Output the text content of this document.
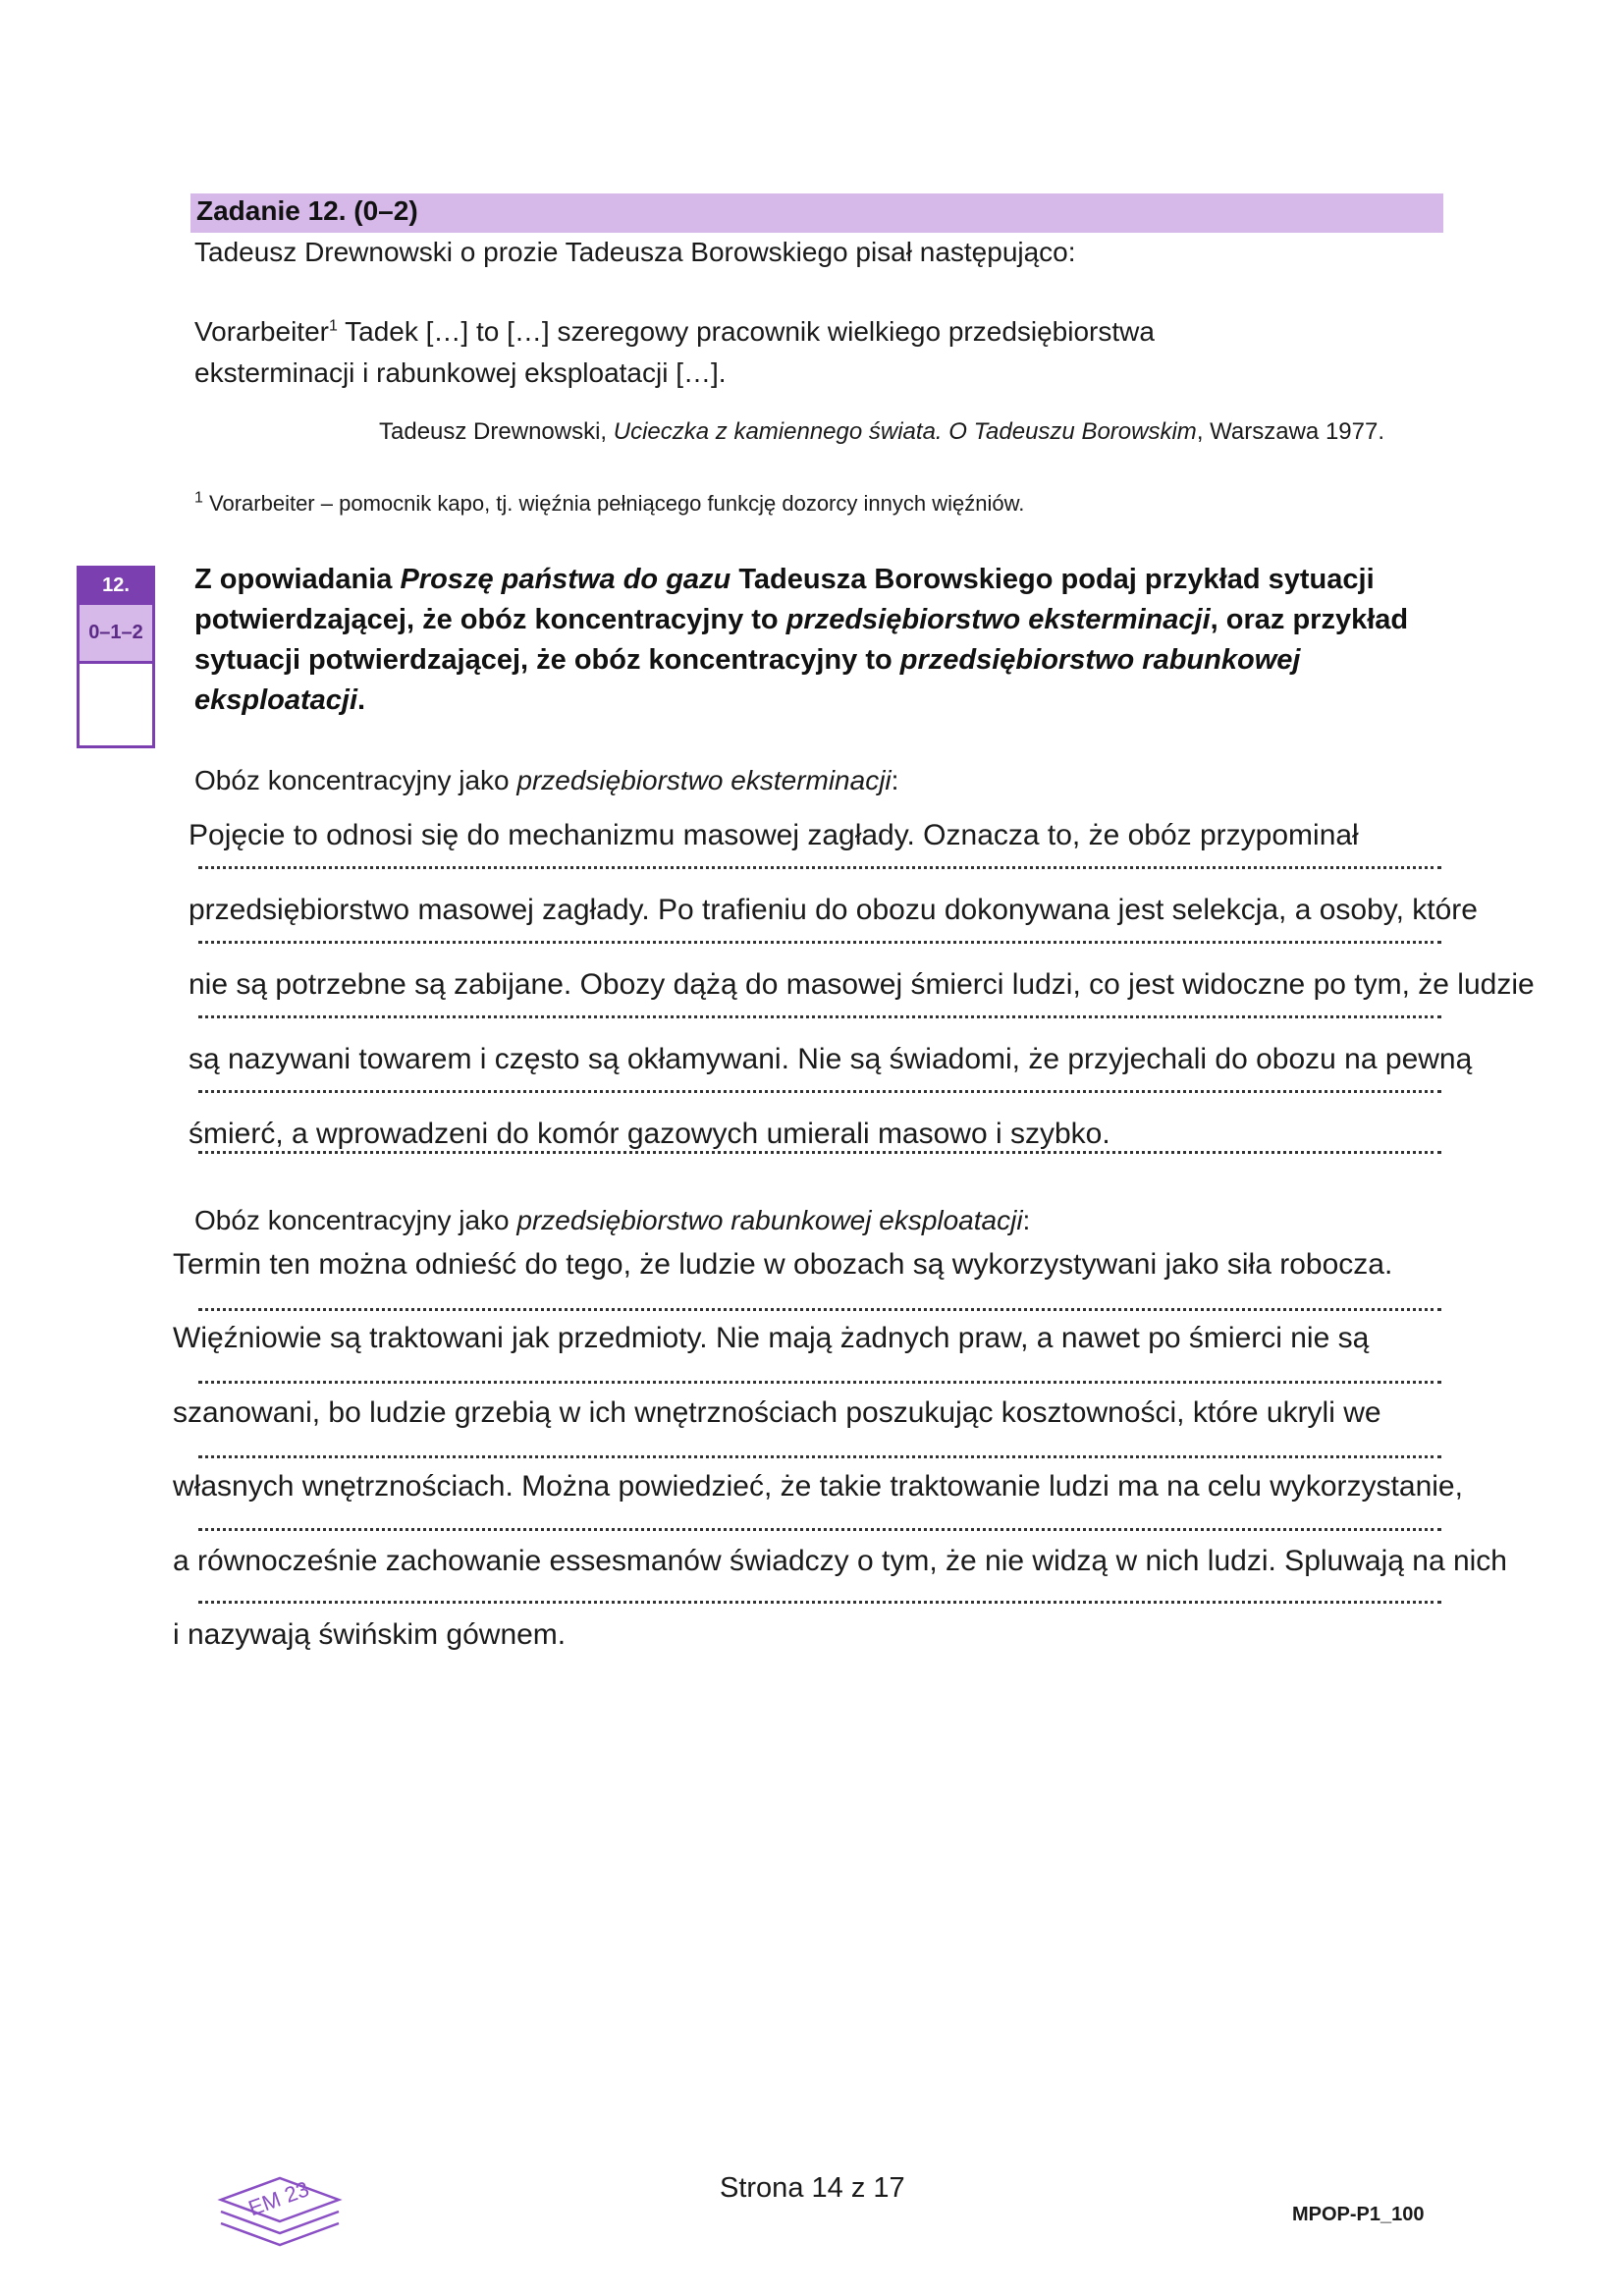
Zadanie 12. (0–2)
Tadeusz Drewnowski o prozie Tadeusza Borowskiego pisał następująco:
Vorarbeiter$^1$ Tadek […] to […] szeregowy pracownik wielkiego przedsiębiorstwa
eksterminacji i rabunkowej eksploatacji […].
Tadeusz Drewnowski, Ucieczka z kamiennego świata. O Tadeuszu Borowskim, Warszawa 1977.
$^1$ Vorarbeiter – pomocnik kapo, tj. więźnia pełniącego funkcję dozorcy innych więźniów.
12.
0–1–2
Z opowiadania Proszę państwa do gazu Tadeusza Borowskiego podaj przykład sytuacji potwierdzającej, że obóz koncentracyjny to przedsiębiorstwo eksterminacji, oraz przykład sytuacji potwierdzającej, że obóz koncentracyjny to przedsiębiorstwo rabunkowej eksploatacji.
Obóz koncentracyjny jako przedsiębiorstwo eksterminacji:
Pojęcie to odnosi się do mechanizmu masowej zagłady. Oznacza to, że obóz przypominał
przedsiębiorstwo masowej zagłady. Po trafieniu do obozu dokonywana jest selekcja, a osoby, które
nie są potrzebne są zabijane. Obozy dążą do masowej śmierci ludzi, co jest widoczne po tym, że ludzie
są nazywani towarem i często są okłamywani. Nie są świadomi, że przyjechali do obozu na pewną
śmierć, a wprowadzeni do komór gazowych umierali masowo i szybko.
Obóz koncentracyjny jako przedsiębiorstwo rabunkowej eksploatacji:
Termin ten można odnieść do tego, że ludzie w obozach są wykorzystywani jako siła robocza.
Więźniowie są traktowani jak przedmioty. Nie mają żadnych praw, a nawet po śmierci nie są
szanowani, bo ludzie grzebią w ich wnętrznościach poszukując kosztowności, które ukryli we
własnych wnętrznościach. Można powiedzieć, że takie traktowanie ludzi ma na celu wykorzystanie,
a równocześnie zachowanie essesmanów świadczy o tym, że nie widzą w nich ludzi. Spluwają na nich
i nazywają świńskim gównem.
EM 23	Strona 14 z 17
MPOP-P1_100
